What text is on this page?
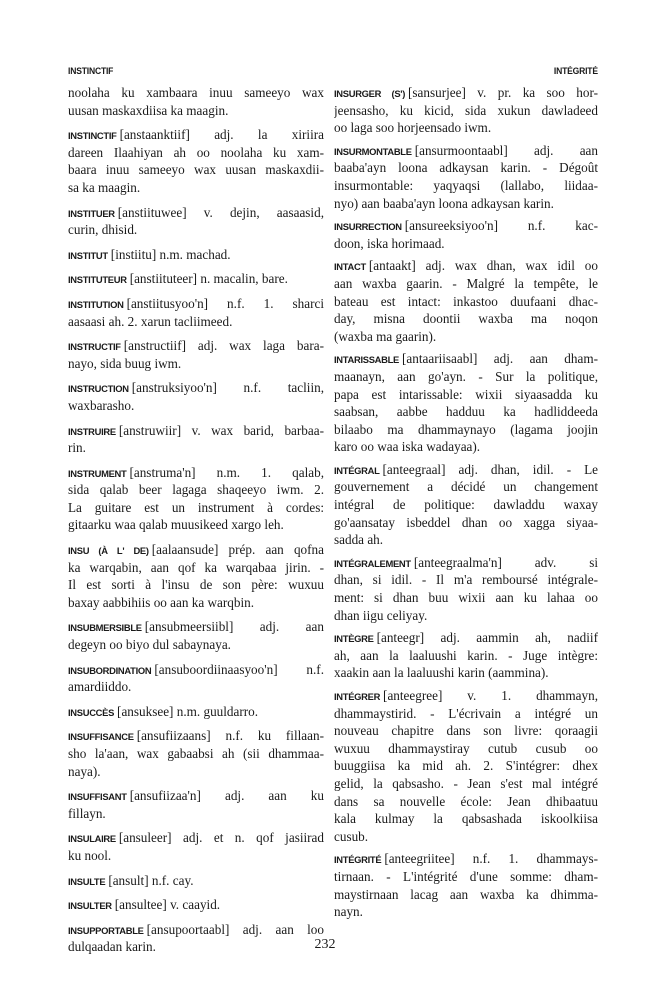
INSTINCTIF	INTÉGRITÉ
noolaha ku xambaara inuu sameeyo wax
uusan maskaxdiisa ka maagin.
INSTINCTIF [anstaanktiif] adj. la xiriira
dareen Ilaahiyan ah oo noolaha ku xam-
baara inuu sameeyo wax uusan maskaxdii-
sa ka maagin.
INSTITUER [anstiituwee] v. dejin, aasaasid,
curin, dhisid.
INSTITUT [instiitu] n.m. machad.
INSTITUTEUR [anstiituteer] n. macalin, bare.
INSTITUTION [anstiitusyoo'n] n.f. 1. sharci
aasaasi ah. 2. xarun tacliimeed.
INSTRUCTIF [anstructiif] adj. wax laga bara-
nayo, sida buug iwm.
INSTRUCTION [anstruksiyoo'n] n.f. tacliin,
waxbarasho.
INSTRUIRE [anstruwiir] v. wax barid, barbaa-
rin.
INSTRUMENT [anstruma'n] n.m. 1. qalab,
sida qalab beer lagaga shaqeeyo iwm. 2.
La guitare est un instrument à cordes:
gitaarku waa qalab muusikeed xargo leh.
INSU (À L' DE) [aalaansude] prép. aan qofna
ka warqabin, aan qof ka warqabaa jirin. -
Il est sorti à l'insu de son père: wuxuu
baxay aabbihiis oo aan ka warqbin.
INSUBMERSIBLE [ansubmeersiibl] adj. aan
degeyn oo biyo dul sabaynaya.
INSUBORDINATION [ansuboordiinaasyoo'n] n.f.
amardiiddo.
INSUCCÈS [ansuksee] n.m. guuldarro.
INSUFFISANCE [ansufiizaans] n.f. ku fillaan-
sho la'aan, wax gabaabsi ah (sii dhammaa-
naya).
INSUFFISANT [ansufiizaa'n] adj. aan ku
fillayn.
INSULAIRE [ansuleer] adj. et n. qof jasiirad
ku nool.
INSULTE [ansult] n.f. cay.
INSULTER [ansultee] v. caayid.
INSUPPORTABLE [ansupoortaabl] adj. aan loo
dulqaadan karin.
INSURGER (S') [sansurjee] v. pr. ka soo hor-
jeensasho, ku kicid, sida xukun dawladeed
oo laga soo horjeensado iwm.
INSURMONTABLE [ansurmoontaabl] adj. aan
baaba'ayn loona adkaysan karin. - Dégoût
insurmontable: yaqyaqsi (lallabo, liidaa-
nyo) aan baaba'ayn loona adkaysan karin.
INSURRECTION [ansureeksiyoo'n] n.f. kac-
doon, iska horimaad.
INTACT [antaakt] adj. wax dhan, wax idil oo
aan waxba gaarin. - Malgré la tempête, le
bateau est intact: inkastoo duufaani dhac-
day, misna doontii waxba ma noqon
(waxba ma gaarin).
INTARISSABLE [antaariisaabl] adj. aan dham-
maanayn, aan go'ayn. - Sur la politique,
papa est intarissable: wixii siyaasadda ku
saabsan, aabbe hadduu ka hadliddeeda
bilaabo ma dhammaynayo (lagama joojin
karo oo waa iska wadayaa).
INTÉGRAL [anteegraal] adj. dhan, idil. - Le
gouvernement a décidé un changement
intégral de politique: dawladdu waxay
go'aansatay isbeddel dhan oo xagga siyaa-
sadda ah.
INTÉGRALEMENT [anteegraalma'n] adv. si
dhan, si idil. - Il m'a remboursé intégrale-
ment: si dhan buu wixii aan ku lahaa oo
dhan iigu celiyay.
INTÈGRE [anteegr] adj. aammin ah, nadiif
ah, aan la laaluushi karin. - Juge intègre:
xaakin aan la laaluushi karin (aammina).
INTÉGRER [anteegree] v. 1. dhammayn,
dhammaystirid. - L'écrivain a intégré un
nouveau chapitre dans son livre: qoraagii
wuxuu dhammaystiray cutub cusub oo
buuggiisa ka mid ah. 2. S'intégrer: dhex
gelid, la qabsasho. - Jean s'est mal intégré
dans sa nouvelle école: Jean dhibaatuu
kala kulmay la qabsashada iskoolkiisa
cusub.
INTÉGRITÉ [anteegriitee] n.f. 1. dhammays-
tirnaan. - L'intégrité d'une somme: dham-
maystirnaan lacag aan waxba ka dhimma-
nayn.
232
